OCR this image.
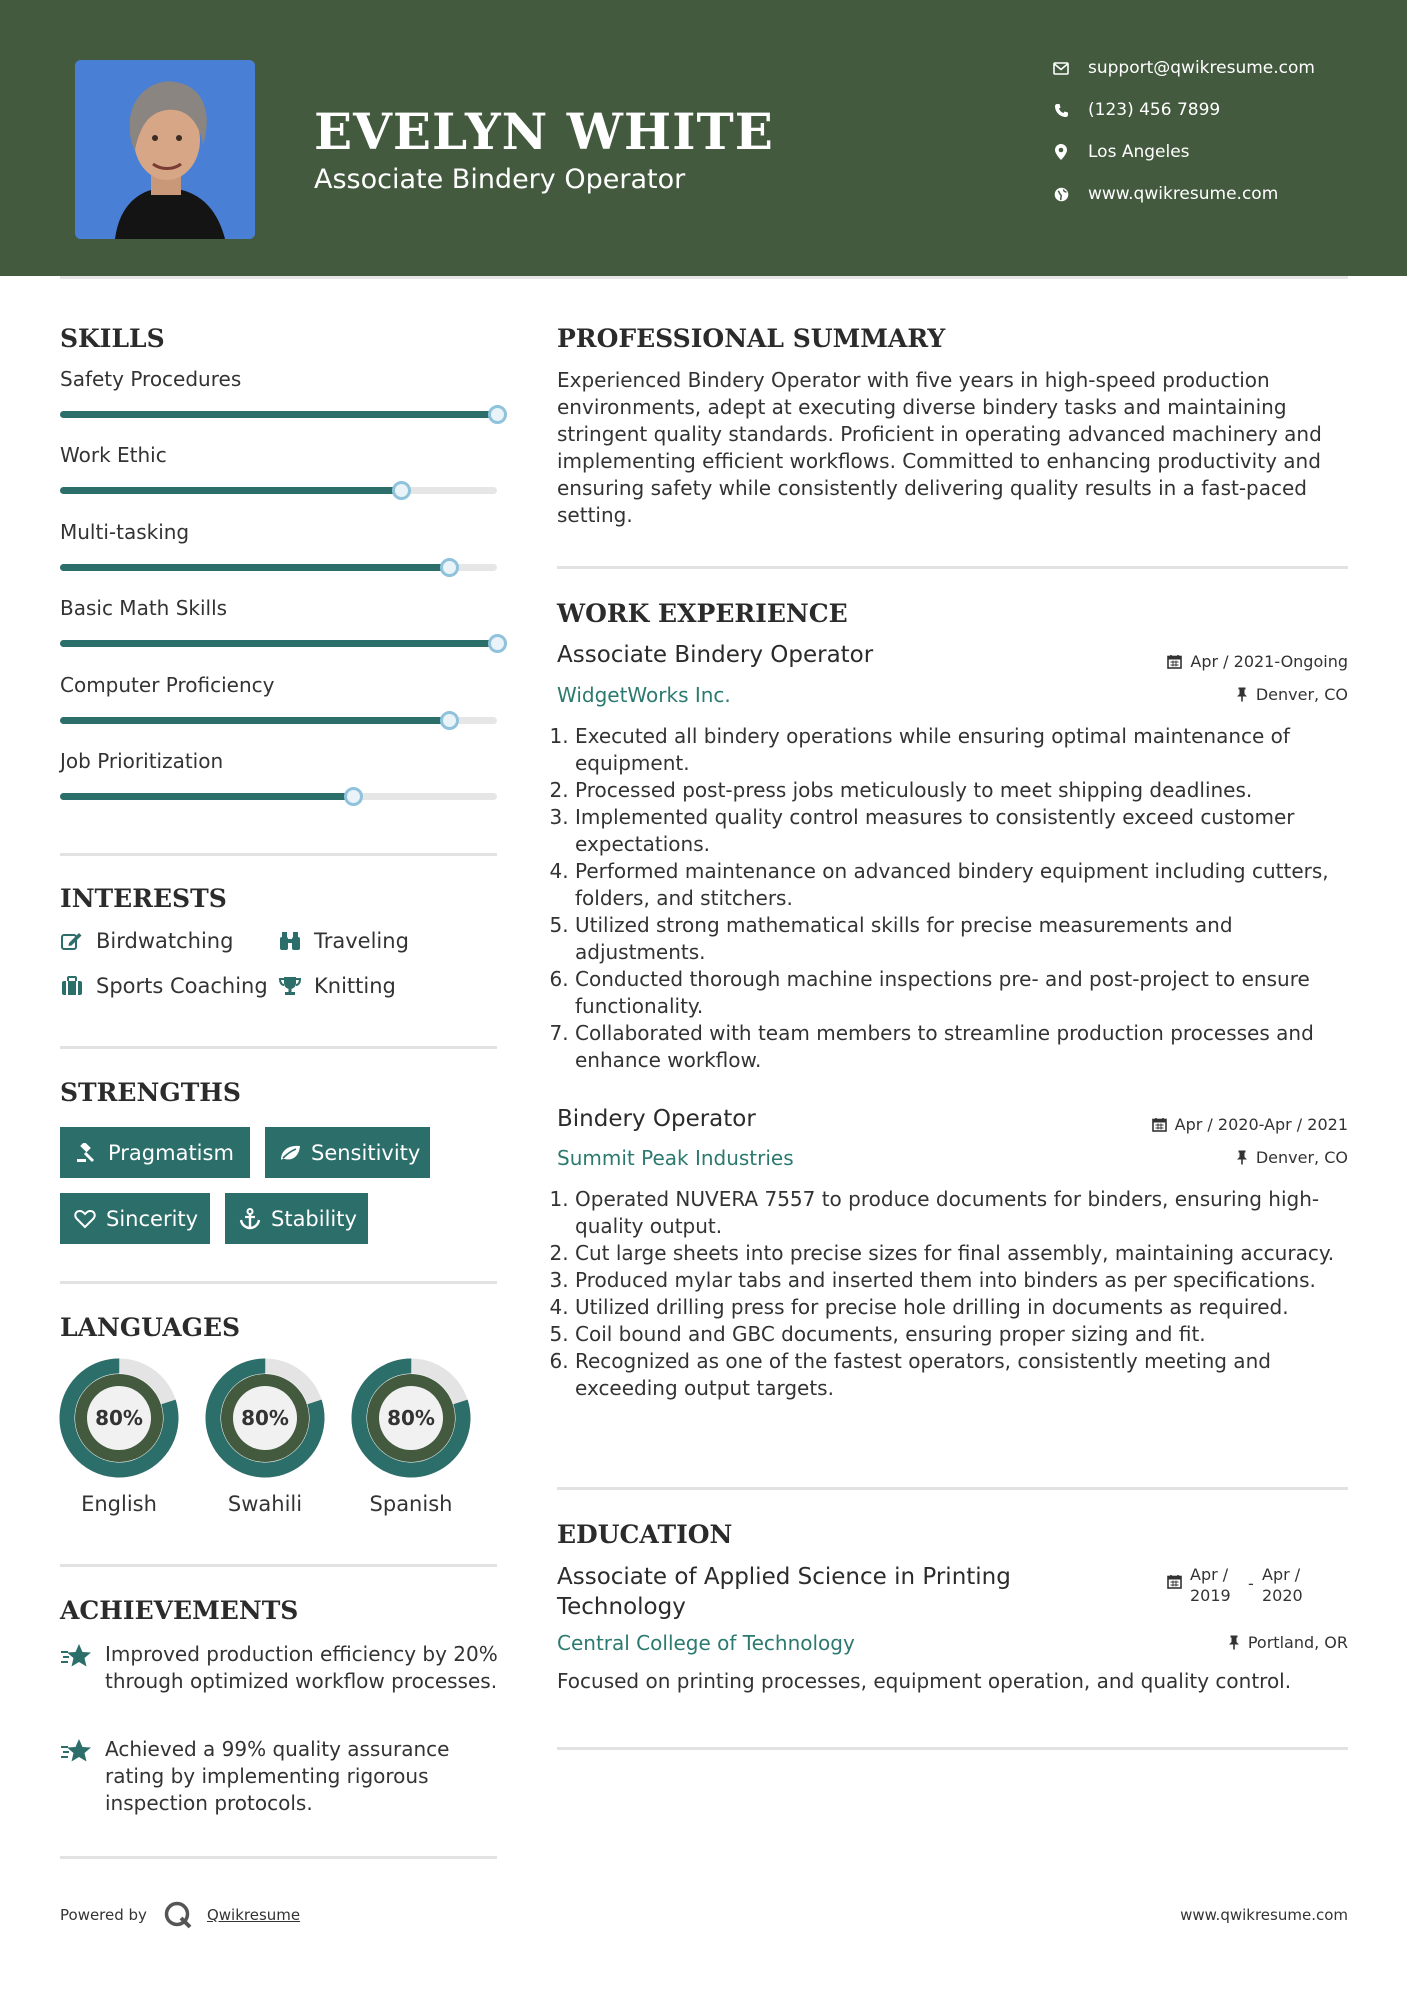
EVELYN WHITE
Associate Bindery Operator
support@qwikresume.com
(123) 456 7899
Los Angeles
www.qwikresume.com
SKILLS
Safety Procedures
Work Ethic
Multi-tasking
Basic Math Skills
Computer Proficiency
Job Prioritization
INTERESTS
Birdwatching	Traveling
Sports Coaching Knitting
STRENGTHS
Pragmatism	Sensitivity
Sincerity	Stability
LANGUAGES
80%
English
80%
Swahili
80%
Spanish
ACHIEVEMENTS
Improved production efficiency by 20% through optimized workflow processes.
Achieved a 99% quality assurance rating by implementing rigorous inspection protocols.
PROFESSIONAL SUMMARY
Experienced Bindery Operator with five years in high-speed production environments, adept at executing diverse bindery tasks and maintaining stringent quality standards. Proficient in operating advanced machinery and implementing efficient workflows. Committed to enhancing productivity and ensuring safety while consistently delivering quality results in a fast-paced setting.
WORK EXPERIENCE
Associate Bindery Operator	Apr / 2021-Ongoing
WidgetWorks Inc.	Denver, CO
1. Executed all bindery operations while ensuring optimal maintenance of equipment.
2. Processed post-press jobs meticulously to meet shipping deadlines.
3. Implemented quality control measures to consistently exceed customer expectations.
4. Performed maintenance on advanced bindery equipment including cutters, folders, and stitchers.
5. Utilized strong mathematical skills for precise measurements and adjustments.
6. Conducted thorough machine inspections pre- and post-project to ensure functionality.
7. Collaborated with team members to streamline production processes and enhance workflow.
Bindery Operator	Apr / 2020-Apr / 2021
Summit Peak Industries	Denver, CO
1. Operated NUVERA 7557 to produce documents for binders, ensuring high-quality output.
2. Cut large sheets into precise sizes for final assembly, maintaining accuracy.
3. Produced mylar tabs and inserted them into binders as per specifications.
4. Utilized drilling press for precise hole drilling in documents as required.
5. Coil bound and GBC documents, ensuring proper sizing and fit.
6. Recognized as one of the fastest operators, consistently meeting and exceeding output targets.
EDUCATION
Associate of Applied Science in Printing Technology
Apr / 2019
- Apr / 2020
Central College of Technology	Portland, OR
Focused on printing processes, equipment operation, and quality control.
Powered by	Qwikresume	www.qwikresume.com
